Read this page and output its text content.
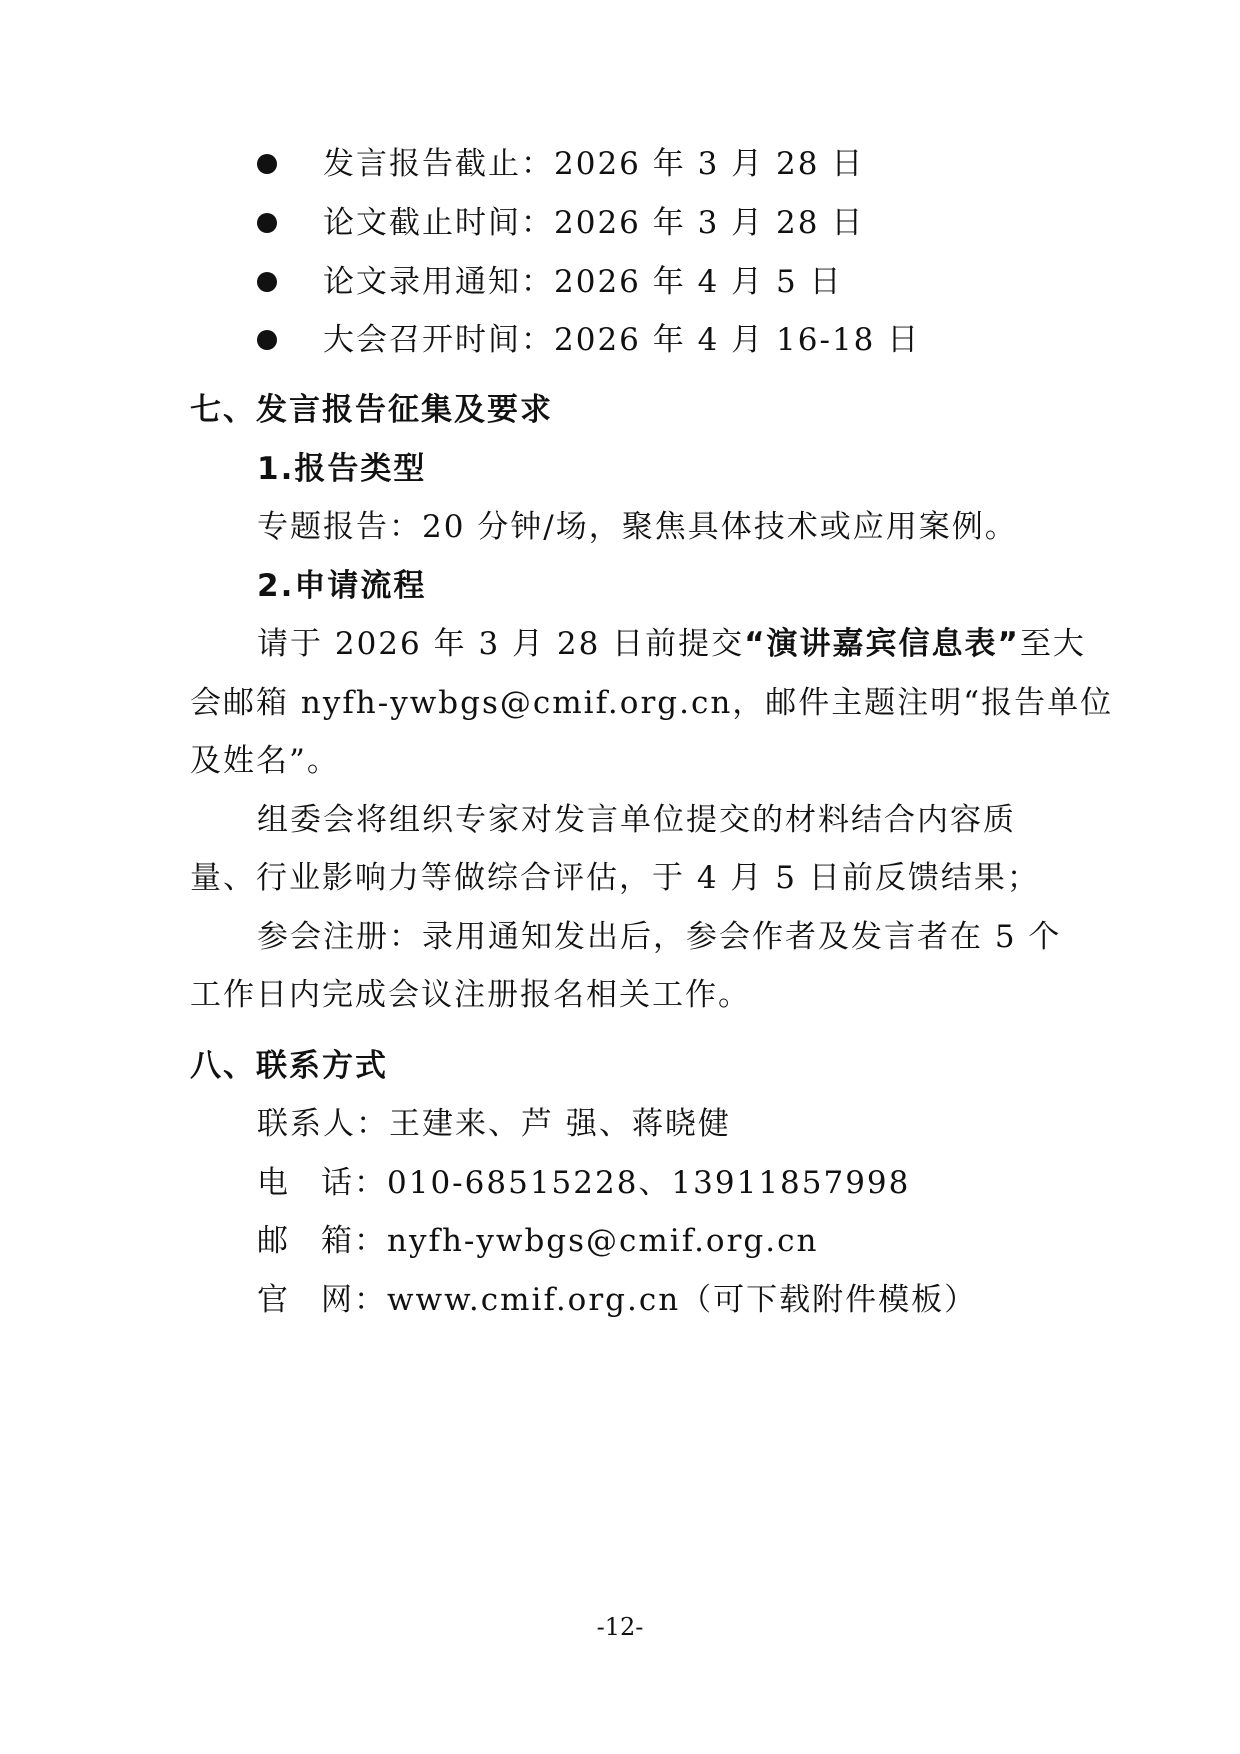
发言报告截止：2026 年 3 月 28 日
论文截止时间：2026 年 3 月 28 日
论文录用通知：2026 年 4 月 5 日
大会召开时间：2026 年 4 月 16-18 日
七、发言报告征集及要求
1.报告类型
专题报告：20 分钟/场，聚焦具体技术或应用案例。
2.申请流程
请于 2026 年 3 月 28 日前提交“演讲嘉宾信息表”至大
会邮箱 nyfh-ywbgs@cmif.org.cn，邮件主题注明“报告单位
及姓名”。
组委会将组织专家对发言单位提交的材料结合内容质
量、行业影响力等做综合评估，于 4 月 5 日前反馈结果；
参会注册：录用通知发出后，参会作者及发言者在 5 个
工作日内完成会议注册报名相关工作。
八、联系方式
联系人：王建来、芦 强、蒋晓健
电 话：010-68515228、13911857998
邮 箱：nyfh-ywbgs@cmif.org.cn
官 网：www.cmif.org.cn（可下载附件模板）
-12-
